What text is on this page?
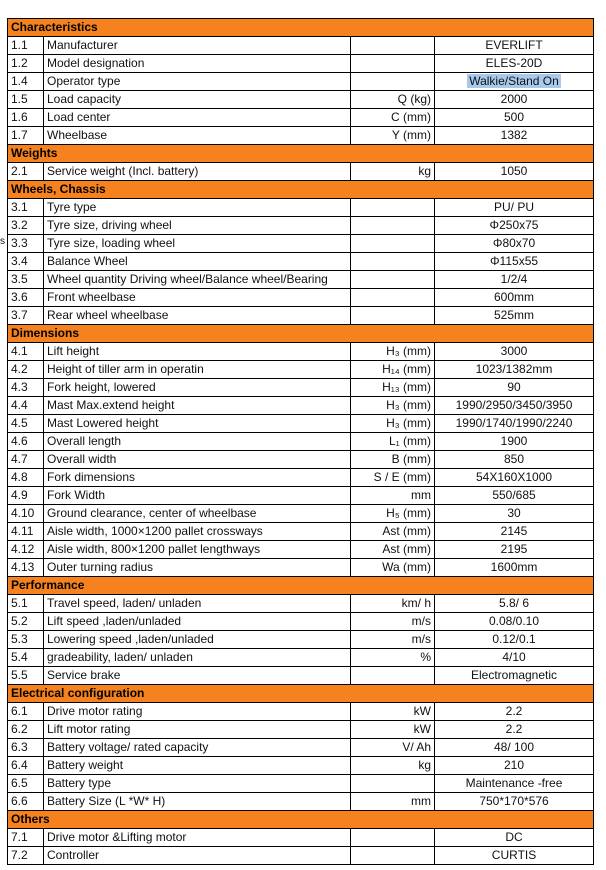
s
Characteristics			
1.1	Manufacturer		EVERLIFT
1.2	Model designation		ELES-20D
1.4	Operator type		Walkie/Stand On
1.5	Load capacity	Q (kg)	2000
1.6	Load center	C (mm)	500
1.7	Wheelbase	Y (mm)	1382
Weights			
2.1	Service weight (Incl. battery)	kg	1050
Wheels, Chassis			
3.1	Tyre type		PU/ PU
3.2	Tyre size, driving wheel		Φ250x75
3.3	Tyre size, loading wheel		Φ80x70
3.4	Balance Wheel		Φ115x55
3.5	Wheel quantity Driving wheel/Balance wheel/Bearing		1/2/4
3.6	Front wheelbase		600mm
3.7	Rear wheel wheelbase		525mm
Dimensions			
4.1	Lift height	H₃ (mm)	3000
4.2	Height of tiller arm in operatin	H₁₄ (mm)	1023/1382mm
4.3	Fork height, lowered	H₁₃ (mm)	90
4.4	Mast Max.extend height	H₃ (mm)	1990/2950/3450/3950
4.5	Mast Lowered height	H₃ (mm)	1990/1740/1990/2240
4.6	Overall length	L₁ (mm)	1900
4.7	Overall width	B (mm)	850
4.8	Fork dimensions	S / E (mm)	54X160X1000
4.9	Fork Width	mm	550/685
4.10	Ground clearance, center of wheelbase	H₅ (mm)	30
4.11	Aisle width, 1000×1200 pallet crossways	Ast (mm)	2145
4.12	Aisle width, 800×1200 pallet lengthways	Ast (mm)	2195
4.13	Outer turning radius	Wa (mm)	1600mm
Performance			
5.1	Travel speed, laden/ unladen	km/ h	5.8/ 6
5.2	Lift speed ,laden/unladed	m/s	0.08/0.10
5.3	Lowering speed ,laden/unladed	m/s	0.12/0.1
5.4	gradeability, laden/ unladen	%	4/10
5.5	Service brake		Electromagnetic
Electrical configuration			
6.1	Drive motor rating	kW	2.2
6.2	Lift motor rating	kW	2.2
6.3	Battery voltage/ rated capacity	V/ Ah	48/ 100
6.4	Battery weight	kg	210
6.5	Battery type		Maintenance -free
6.6	Battery Size (L *W* H)	mm	750*170*576
Others			
7.1	Drive motor &Lifting motor		DC
7.2	Controller		CURTIS
